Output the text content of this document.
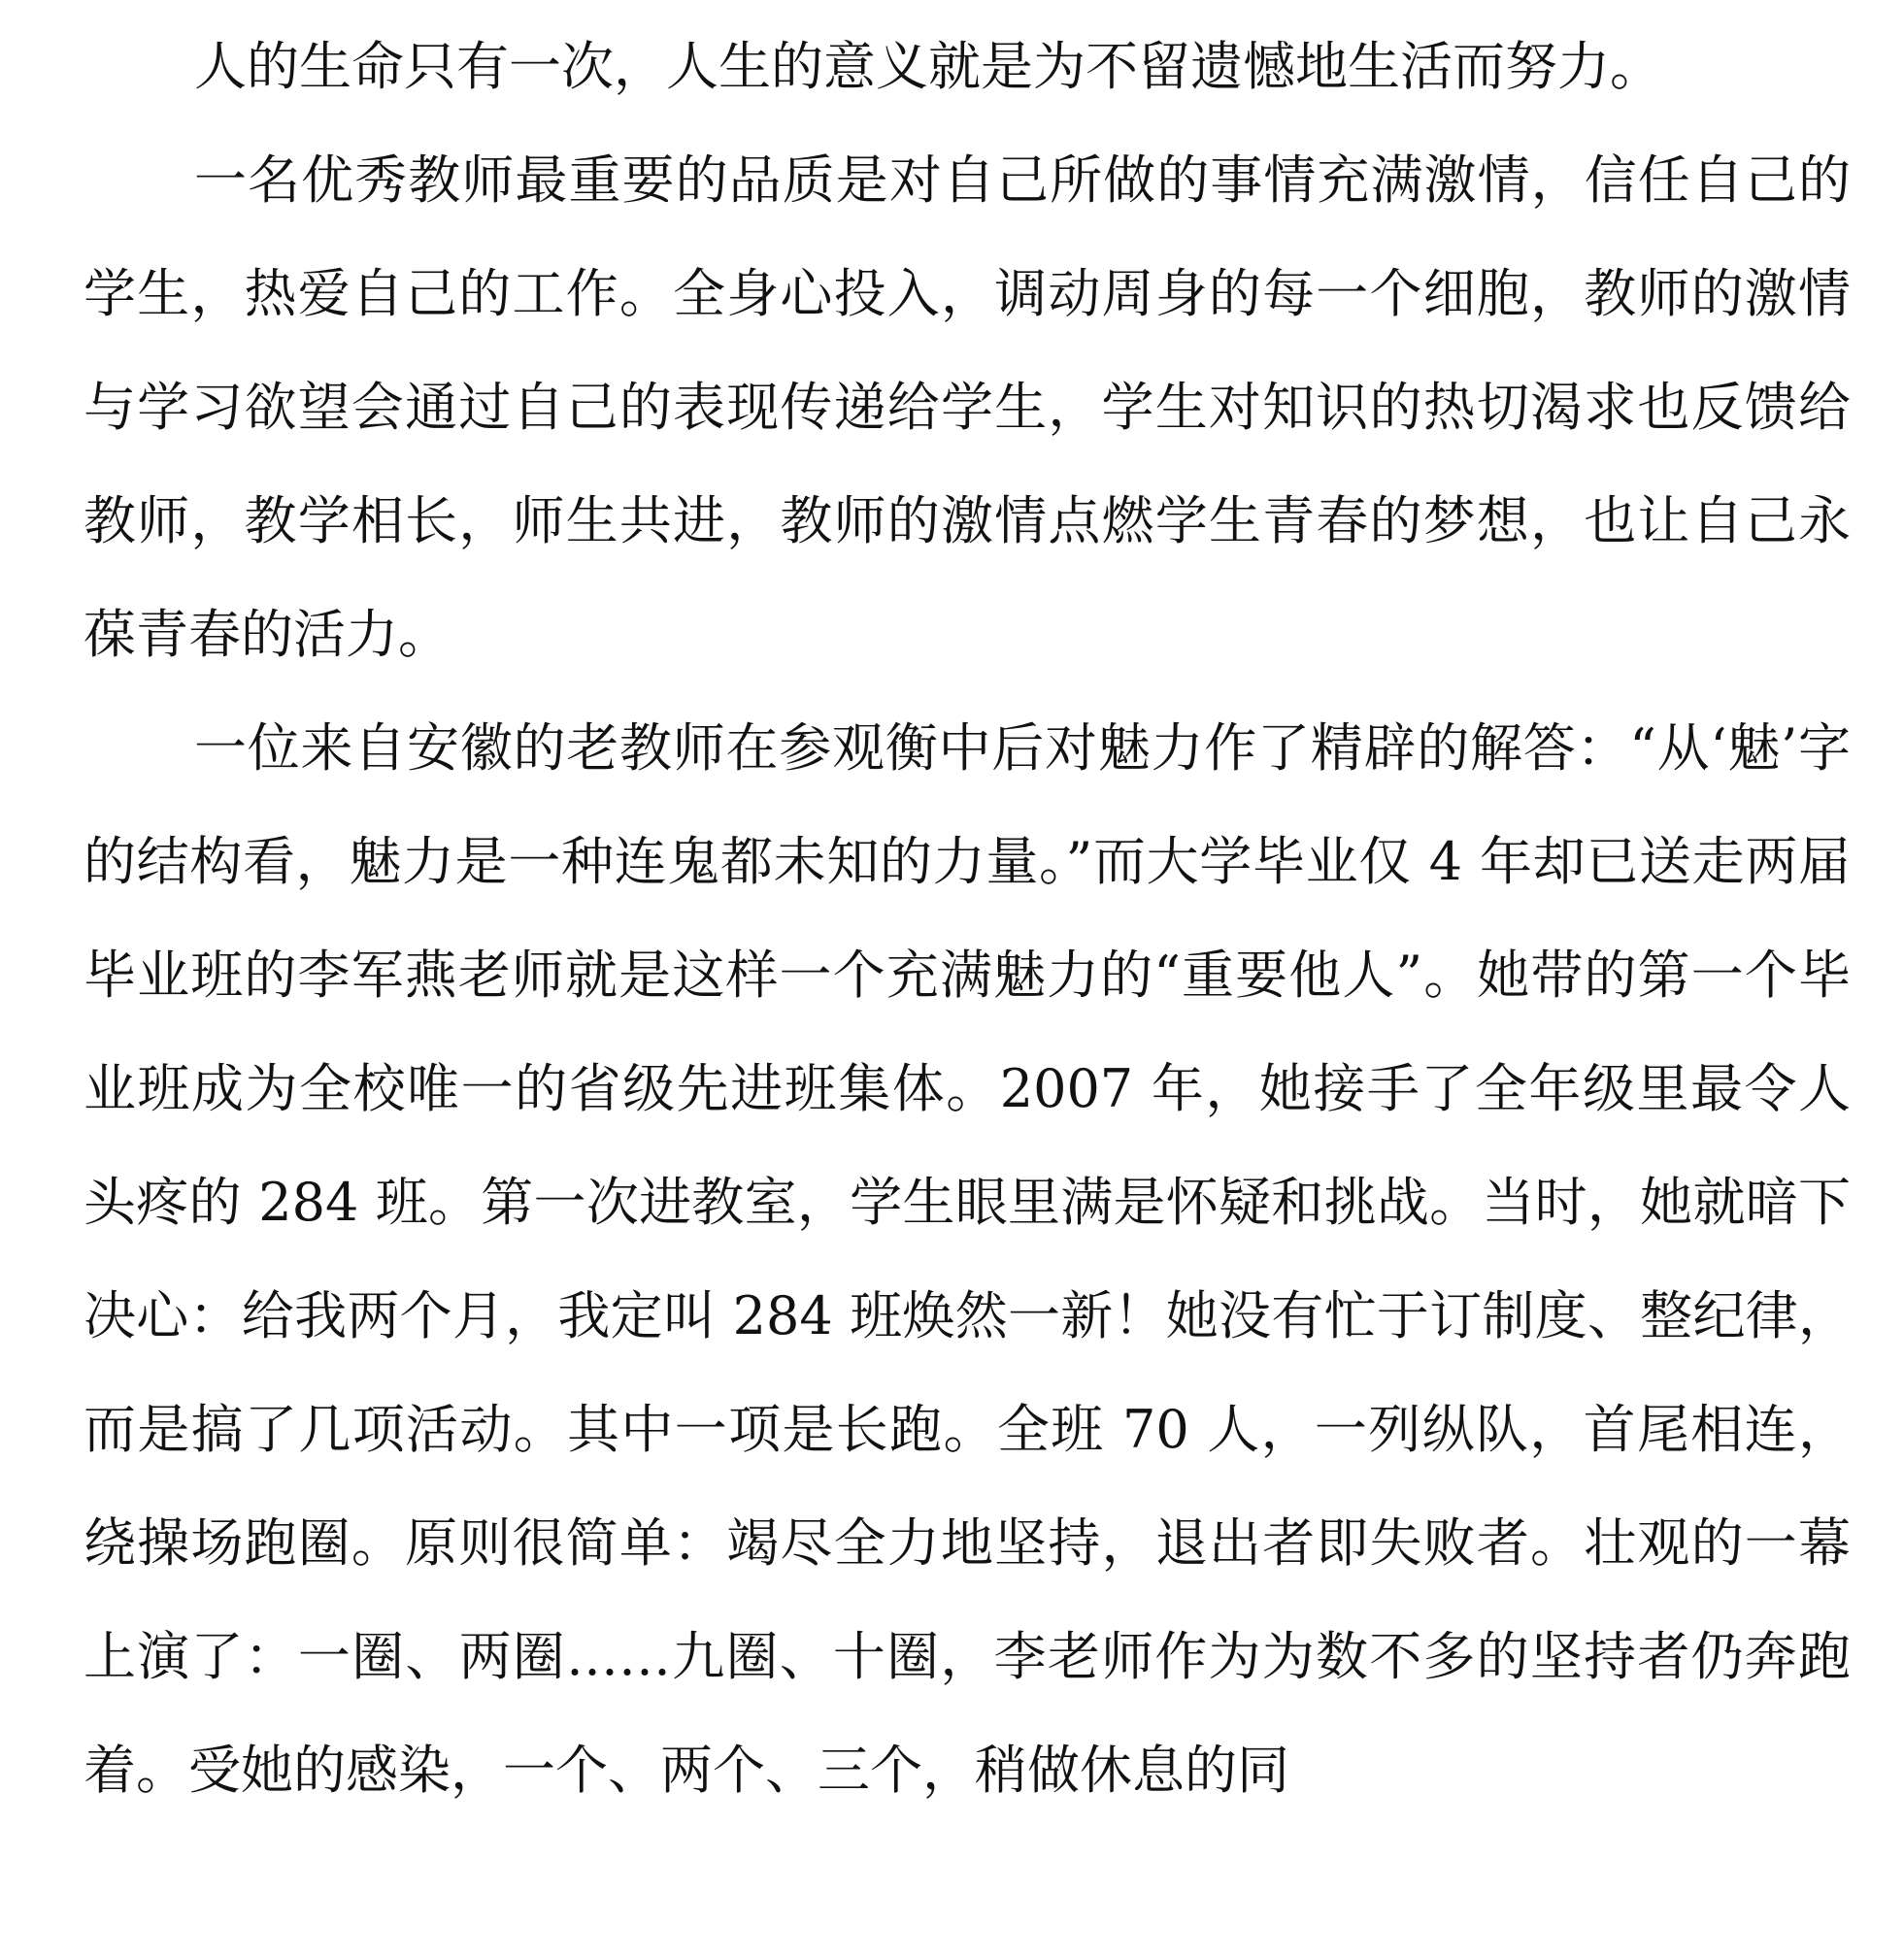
人的生命只有一次，人生的意义就是为不留遗憾地生活而努力。

一名优秀教师最重要的品质是对自己所做的事情充满激情，信任自己的学生，热爱自己的工作。全身心投入，调动周身的每一个细胞，教师的激情与学习欲望会通过自己的表现传递给学生，学生对知识的热切渴求也反馈给教师，教学相长，师生共进，教师的激情点燃学生青春的梦想，也让自己永葆青春的活力。

一位来自安徽的老教师在参观衡中后对魅力作了精辟的解答：“从‘魅’字的结构看，魅力是一种连鬼都未知的力量。”而大学毕业仅 4 年却已送走两届毕业班的李军燕老师就是这样一个充满魅力的“重要他人”。她带的第一个毕业班成为全校唯一的省级先进班集体。2007 年，她接手了全年级里最令人头疼的 284 班。第一次进教室，学生眼里满是怀疑和挑战。当时，她就暗下决心：给我两个月，我定叫 284 班焕然一新！她没有忙于订制度、整纪律，而是搞了几项活动。其中一项是长跑。全班 70 人，一列纵队，首尾相连，绕操场跑圈。原则很简单：竭尽全力地坚持，退出者即失败者。壮观的一幕上演了：一圈、两圈……九圈、十圈，李老师作为为数不多的坚持者仍奔跑着。受她的感染，一个、两个、三个，稍做休息的同
